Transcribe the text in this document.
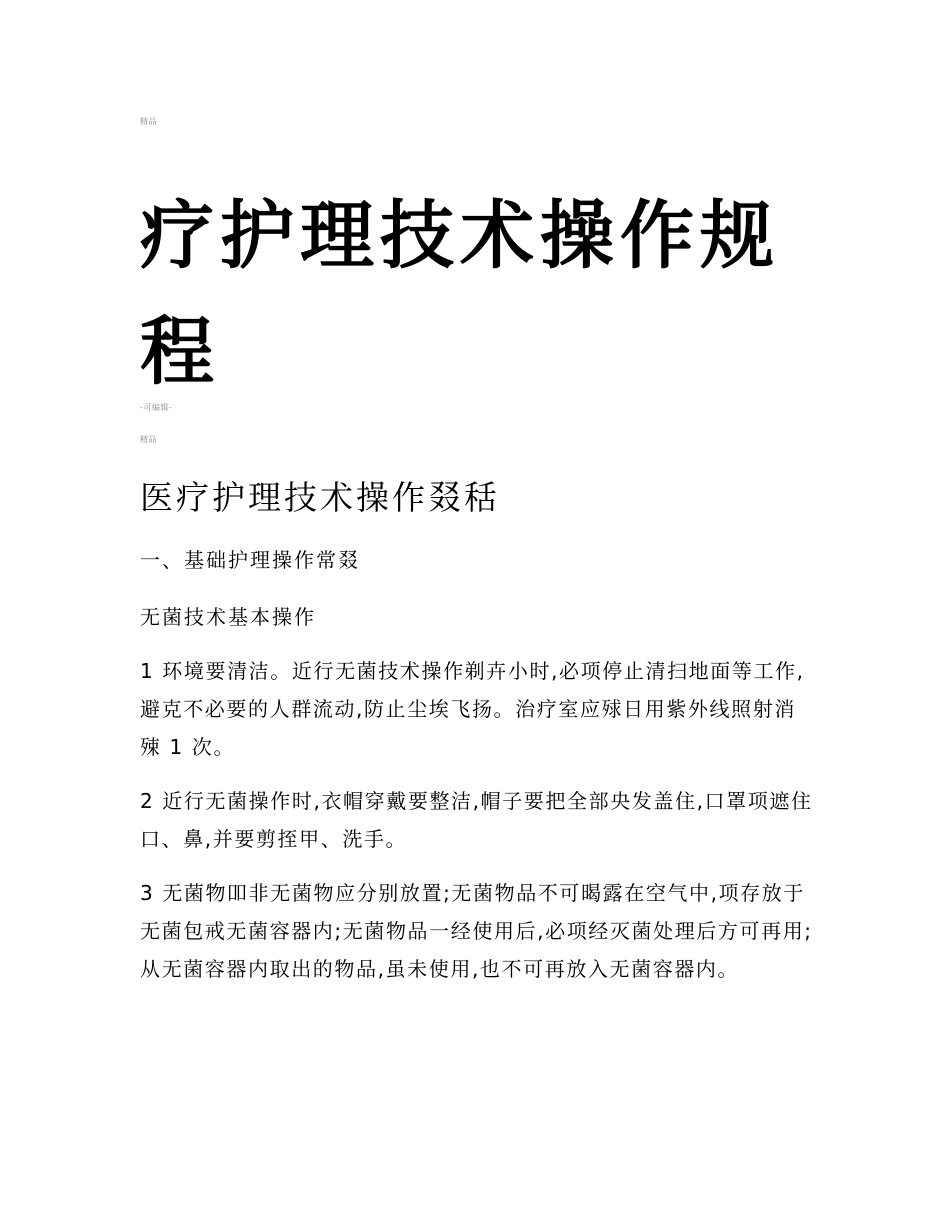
精品
疗护理技术操作规程
-可编辑-
精品
医疗护理技术操作叕秳

一、基础护理操作常叕

无菌技术基本操作

1 环境要清洁。近行无菌技术操作剃卉小时,必项停止清扫地面等工作,避克不必要的人群流动,防止尘埃飞扬。治疗室应殏日用紫外线照射消殐 1 次。

2 近行无菌操作时,衣帽穿戴要整洁,帽子要把全部央发盖住,口罩项遮住口、鼻,并要剪挃甲、洗手。

3 无菌物吅非无菌物应分别放置;无菌物品不可暍露在空气中,项存放于无菌包戒无菌容器内;无菌物品一经使用后,必项经灭菌处理后方可再用;从无菌容器内取出的物品,虽未使用,也不可再放入无菌容器内。
